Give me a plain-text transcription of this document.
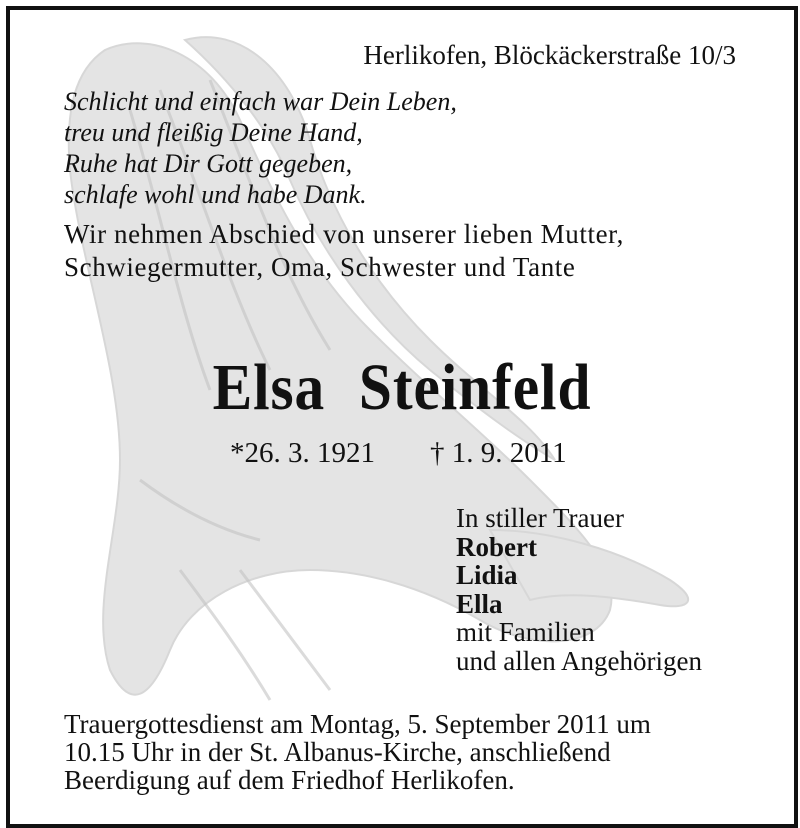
Herlikofen, Blöckäckerstraße 10/3
Schlicht und einfach war Dein Leben,
treu und fleißig Deine Hand,
Ruhe hat Dir Gott gegeben,
schlafe wohl und habe Dank.
Wir nehmen Abschied von unserer lieben Mutter,
Schwiegermutter, Oma, Schwester und Tante
Elsa Steinfeld
*26. 3. 1921 † 1. 9. 2011
In stiller Trauer
Robert
Lidia
Ella
mit Familien
und allen Angehörigen
Trauergottesdienst am Montag, 5. September 2011 um
10.15 Uhr in der St. Albanus-Kirche, anschließend
Beerdigung auf dem Friedhof Herlikofen.
